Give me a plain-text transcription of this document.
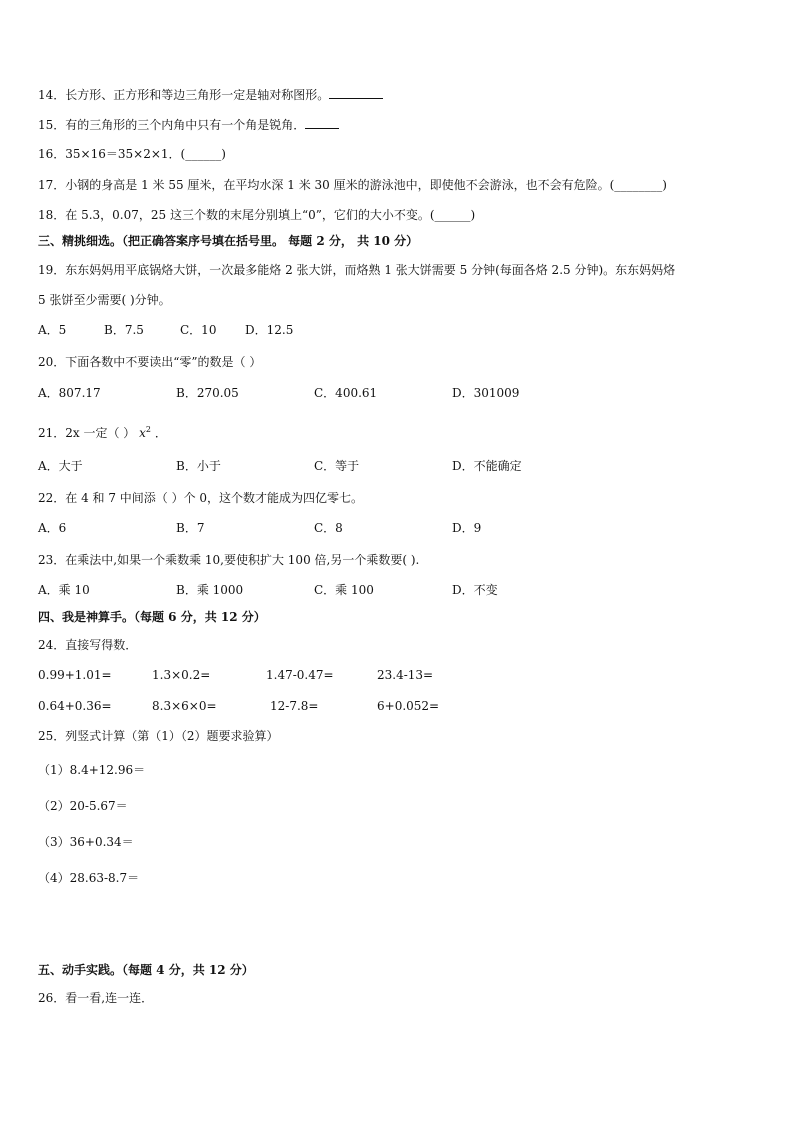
14．长方形、正方形和等边三角形一定是轴对称图形。
15．有的三角形的三个内角中只有一个角是锐角．
16．35×16＝35×2×1．(______)
17．小钢的身高是 1 米 55 厘米，在平均水深 1 米 30 厘米的游泳池中，即使他不会游泳，也不会有危险。(________)
18．在 5.3，0.07，25 这三个数的末尾分别填上“0”，它们的大小不变。(______)
三、精挑细选。（把正确答案序号填在括号里。 每题 2 分， 共 10 分）
19．东东妈妈用平底锅烙大饼，一次最多能烙 2 张大饼，而烙熟 1 张大饼需要 5 分钟(每面各烙 2.5 分钟)。东东妈妈烙
5 张饼至少需要( )分钟。
A．5	B．7.5	C．10 D．12.5
20．下面各数中不要读出“零”的数是（ ）
A．807.17	B．270.05	C．400.61	D．301009
21．2x 一定（ ） $x^2$ ．
A．大于	B．小于	C．等于	D．不能确定
22．在 4 和 7 中间添（ ）个 0，这个数才能成为四亿零七。
A．6	B．7	C．8	D．9
23．在乘法中,如果一个乘数乘 10,要使积扩大 100 倍,另一个乘数要( ).
A．乘 10	B．乘 1000	C．乘 100	D．不变
四、我是神算手。（每题 6 分，共 12 分）
24．直接写得数．
0.99+1.01=	1.3×0.2=	1.47-0.47=	23.4-13=
0.64+0.36=	8.3×6×0=	12-7.8=	6+0.052=
25．列竖式计算（第（1）（2）题要求验算）
（1）8.4+12.96＝
（2）20-5.67＝
（3）36+0.34＝
（4）28.63-8.7＝
五、动手实践。（每题 4 分，共 12 分）
26．看一看,连一连．
